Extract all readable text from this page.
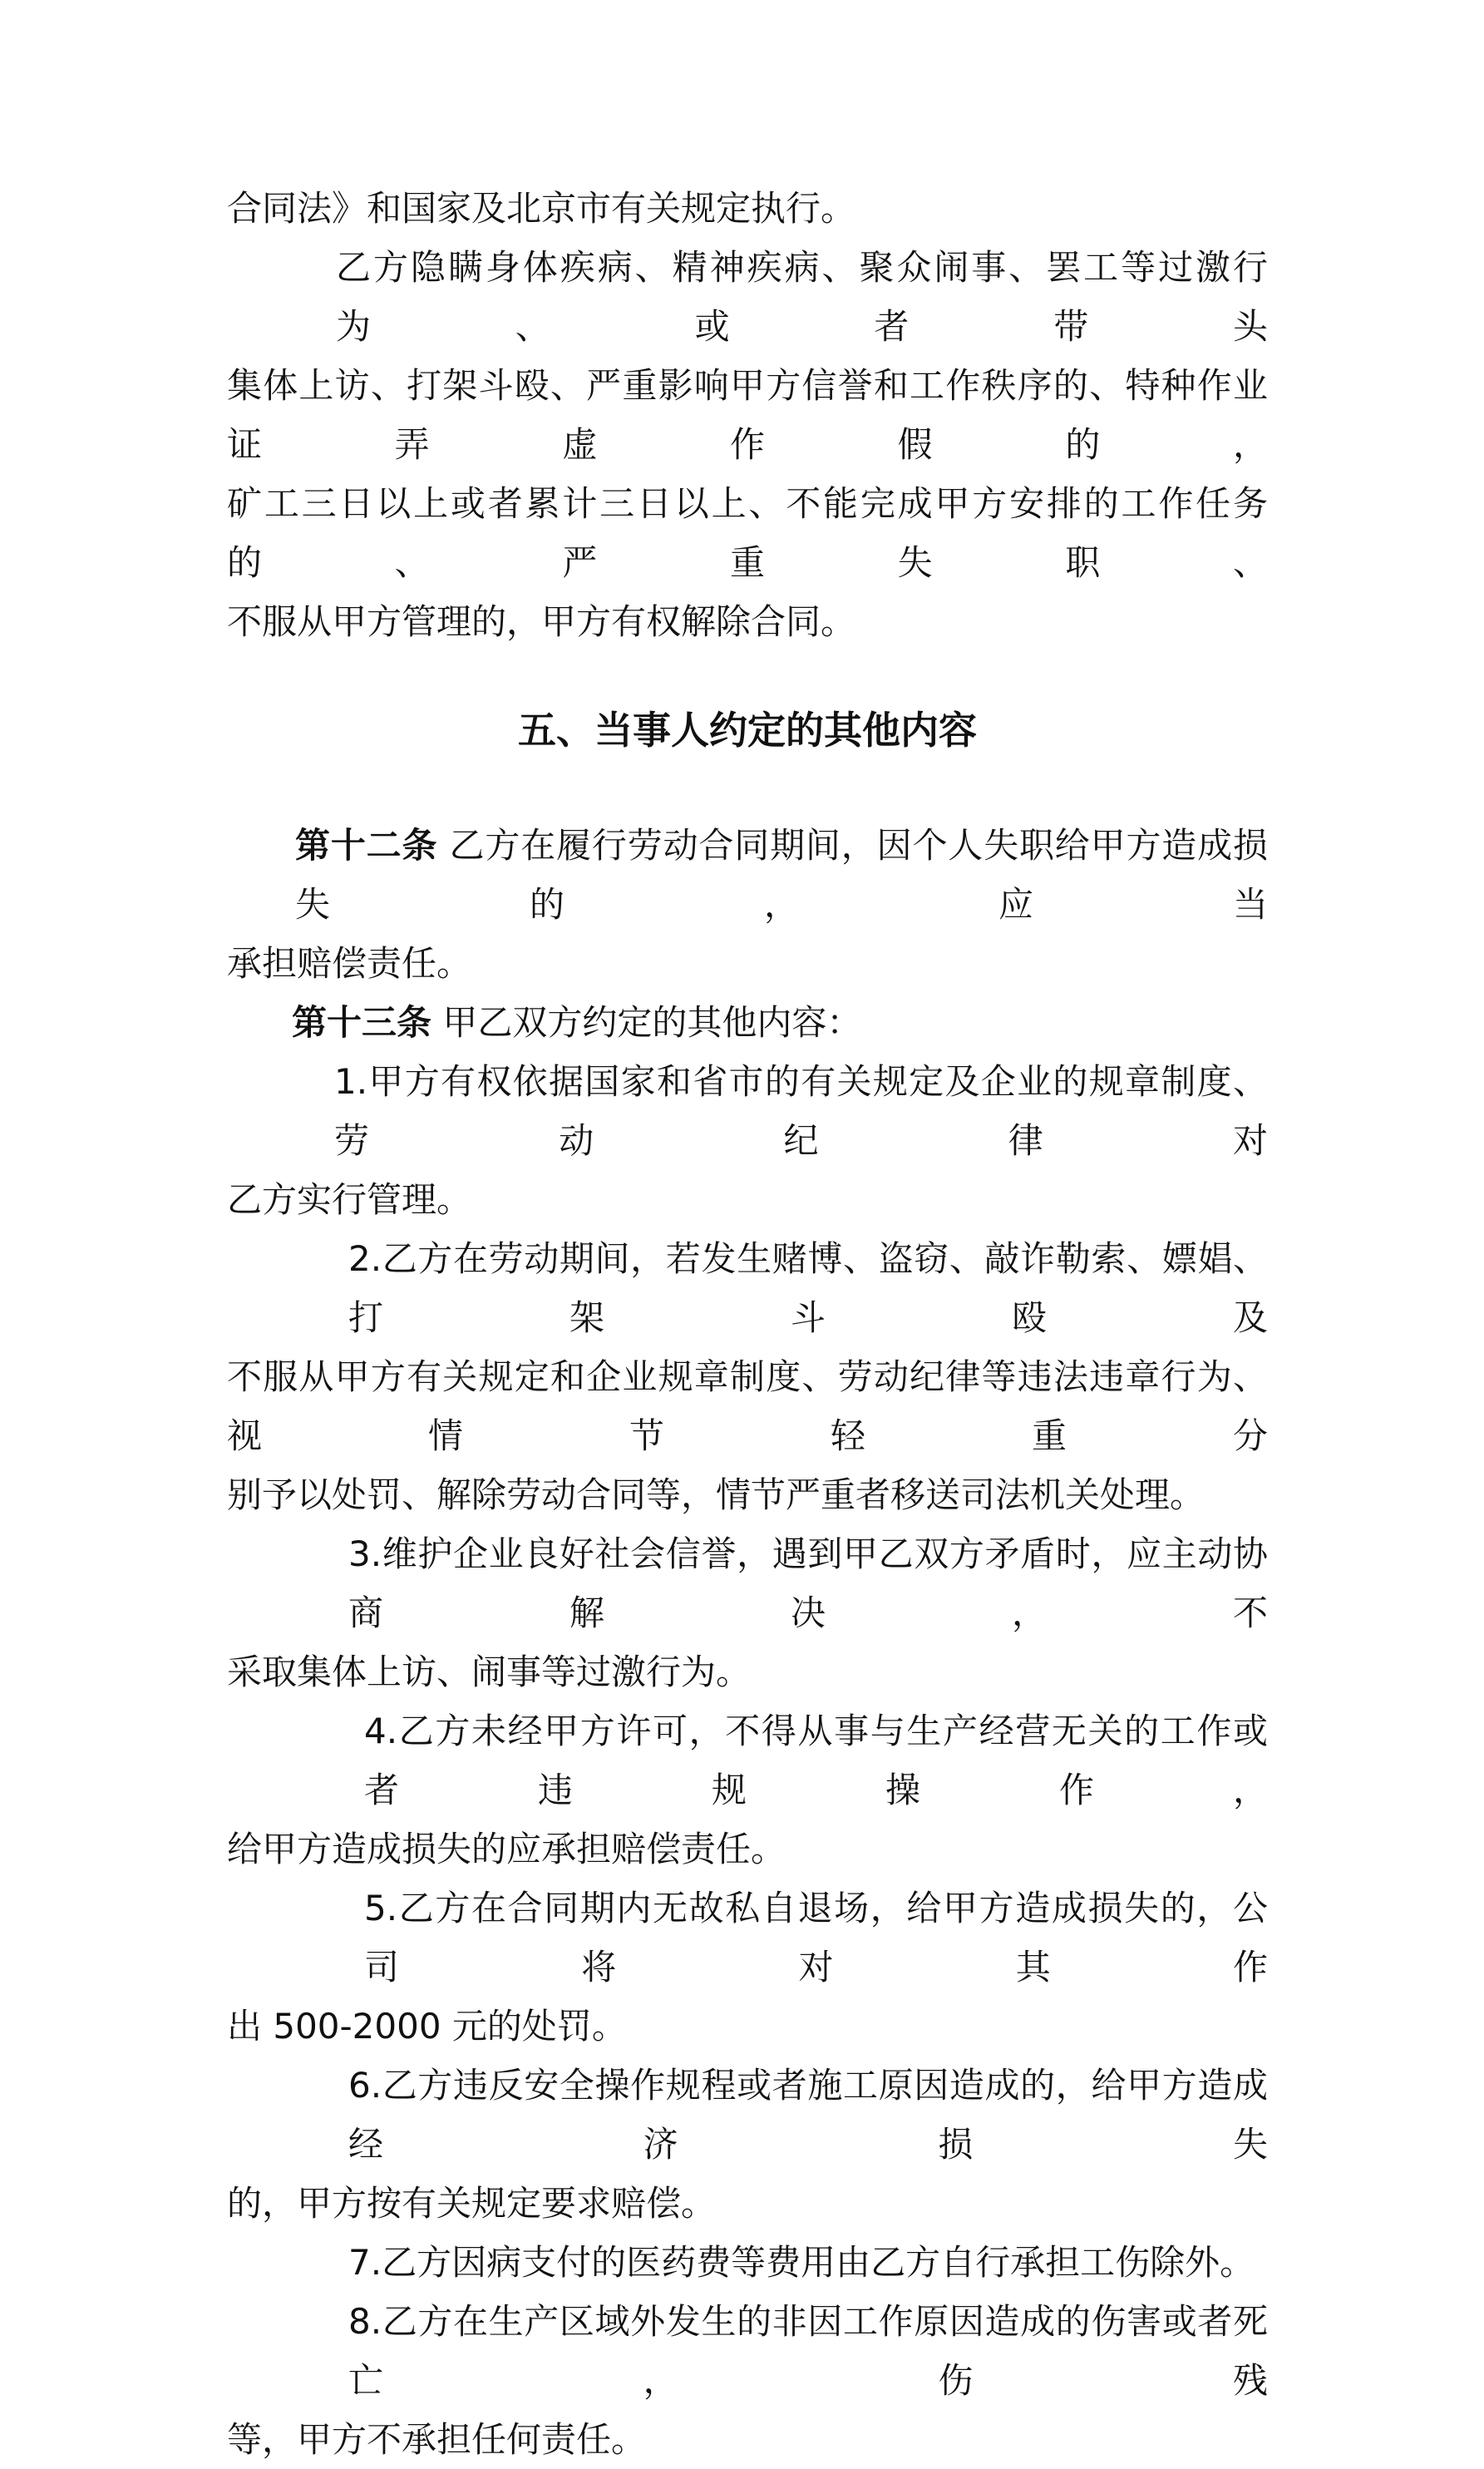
合同法》和国家及北京市有关规定执行。
乙方隐瞒身体疾病、精神疾病、聚众闹事、罢工等过激行为、或者带头
集体上访、打架斗殴、严重影响甲方信誉和工作秩序的、特种作业证弄虚作假的，
矿工三日以上或者累计三日以上、不能完成甲方安排的工作任务的、严重失职、
不服从甲方管理的，甲方有权解除合同。
五、当事人约定的其他内容
第十二条 乙方在履行劳动合同期间，因个人失职给甲方造成损失的，应当
承担赔偿责任。
第十三条 甲乙双方约定的其他内容：
1.甲方有权依据国家和省市的有关规定及企业的规章制度、劳动纪律对
乙方实行管理。
2.乙方在劳动期间，若发生赌博、盗窃、敲诈勒索、嫖娼、打架斗殴及
不服从甲方有关规定和企业规章制度、劳动纪律等违法违章行为、视情节轻重分
别予以处罚、解除劳动合同等，情节严重者移送司法机关处理。
3.维护企业良好社会信誉，遇到甲乙双方矛盾时，应主动协商解决，不
采取集体上访、闹事等过激行为。
4.乙方未经甲方许可，不得从事与生产经营无关的工作或者违规操作，
给甲方造成损失的应承担赔偿责任。
5.乙方在合同期内无故私自退场，给甲方造成损失的，公司将对其作
出 500-2000 元的处罚。
6.乙方违反安全操作规程或者施工原因造成的，给甲方造成经济损失
的，甲方按有关规定要求赔偿。
7.乙方因病支付的医药费等费用由乙方自行承担工伤除外。
8.乙方在生产区域外发生的非因工作原因造成的伤害或者死亡，伤残
等，甲方不承担任何责任。
